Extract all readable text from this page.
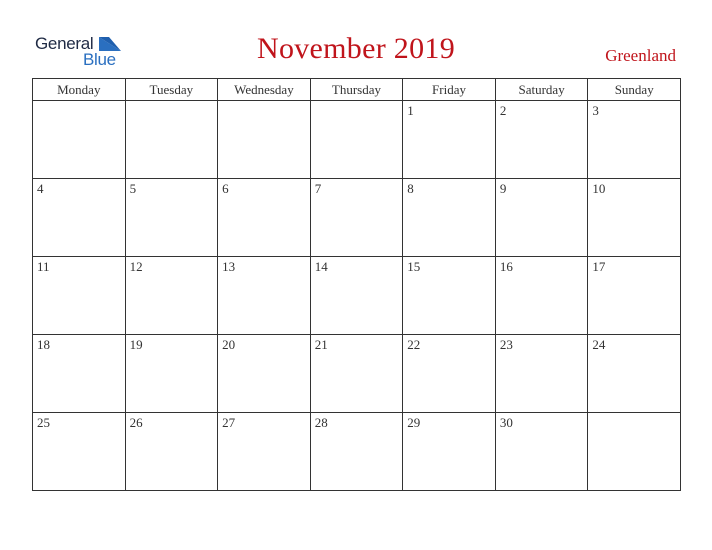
General
Blue	November 2019	Greenland
Monday	Tuesday	Wednesday	Thursday	Friday	Saturday	Sunday

				1	2	3

4	5	6	7	8	9	10

11	12	13	14	15	16	17

18	19	20	21	22	23	24

25	26	27	28	29	30	
